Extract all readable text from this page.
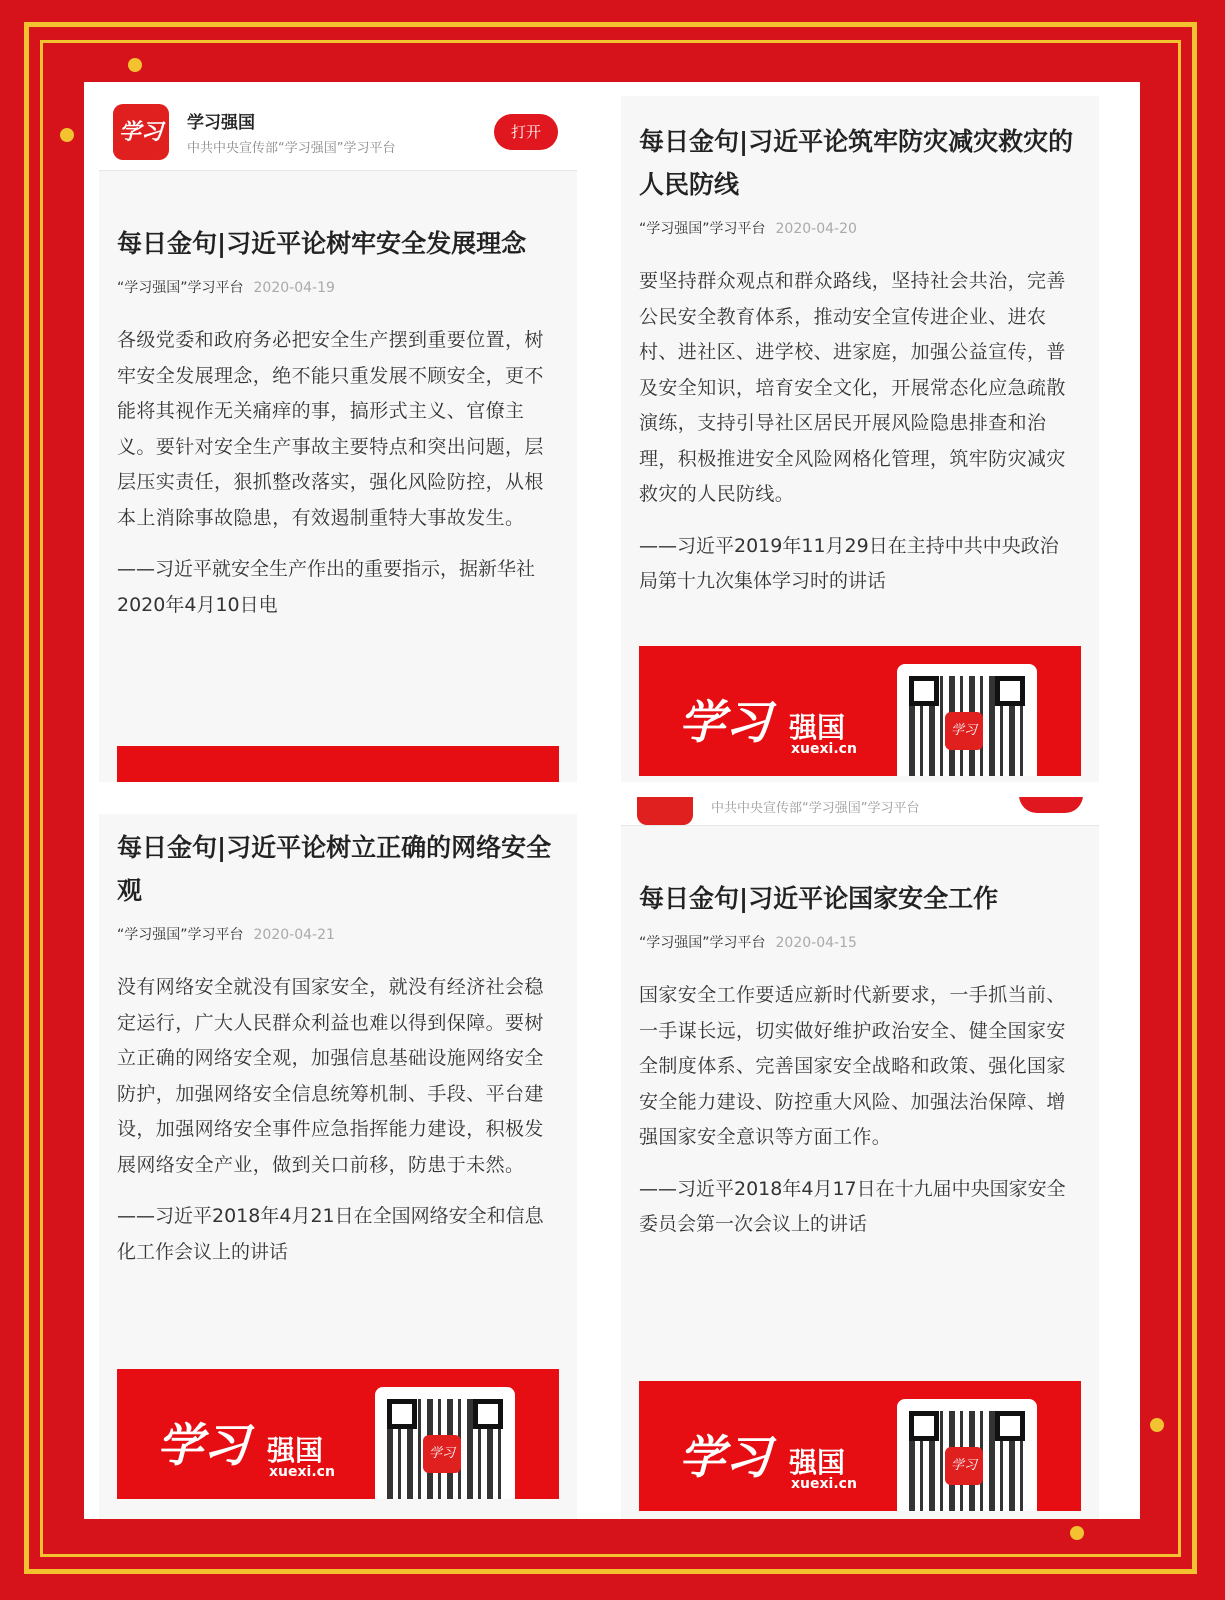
学习	学习强国
中共中央宣传部“学习强国”学习平台
打开
每日金句|习近平论树牢安全发展理念
“学习强国”学习平台 2020-04-19
各级党委和政府务必把安全生产摆到重要位置，树牢安全发展理念，绝不能只重发展不顾安全，更不能将其视作无关痛痒的事，搞形式主义、官僚主义。要针对安全生产事故主要特点和突出问题，层层压实责任，狠抓整改落实，强化风险防控，从根本上消除事故隐患，有效遏制重特大事故发生。
——习近平就安全生产作出的重要指示，据新华社2020年4月10日电
每日金句|习近平论筑牢防灾减灾救灾的人民防线
“学习强国”学习平台 2020-04-20
要坚持群众观点和群众路线，坚持社会共治，完善公民安全教育体系，推动安全宣传进企业、进农村、进社区、进学校、进家庭，加强公益宣传，普及安全知识，培育安全文化，开展常态化应急疏散演练，支持引导社区居民开展风险隐患排查和治理，积极推进安全风险网格化管理，筑牢防灾减灾救灾的人民防线。
——习近平2019年11月29日在主持中共中央政治局第十九次集体学习时的讲话
学习 强国
xuexi.cn
学习
每日金句|习近平论树立正确的网络安全观
“学习强国”学习平台 2020-04-21
没有网络安全就没有国家安全，就没有经济社会稳定运行，广大人民群众利益也难以得到保障。要树立正确的网络安全观，加强信息基础设施网络安全防护，加强网络安全信息统筹机制、手段、平台建设，加强网络安全事件应急指挥能力建设，积极发展网络安全产业，做到关口前移，防患于未然。
——习近平2018年4月21日在全国网络安全和信息化工作会议上的讲话
学习 强国
xuexi.cn
学习
中共中央宣传部“学习强国”学习平台
每日金句|习近平论国家安全工作
“学习强国”学习平台 2020-04-15
国家安全工作要适应新时代新要求，一手抓当前、一手谋长远，切实做好维护政治安全、健全国家安全制度体系、完善国家安全战略和政策、强化国家安全能力建设、防控重大风险、加强法治保障、增强国家安全意识等方面工作。
——习近平2018年4月17日在十九届中央国家安全委员会第一次会议上的讲话
学习 强国
xuexi.cn
学习
